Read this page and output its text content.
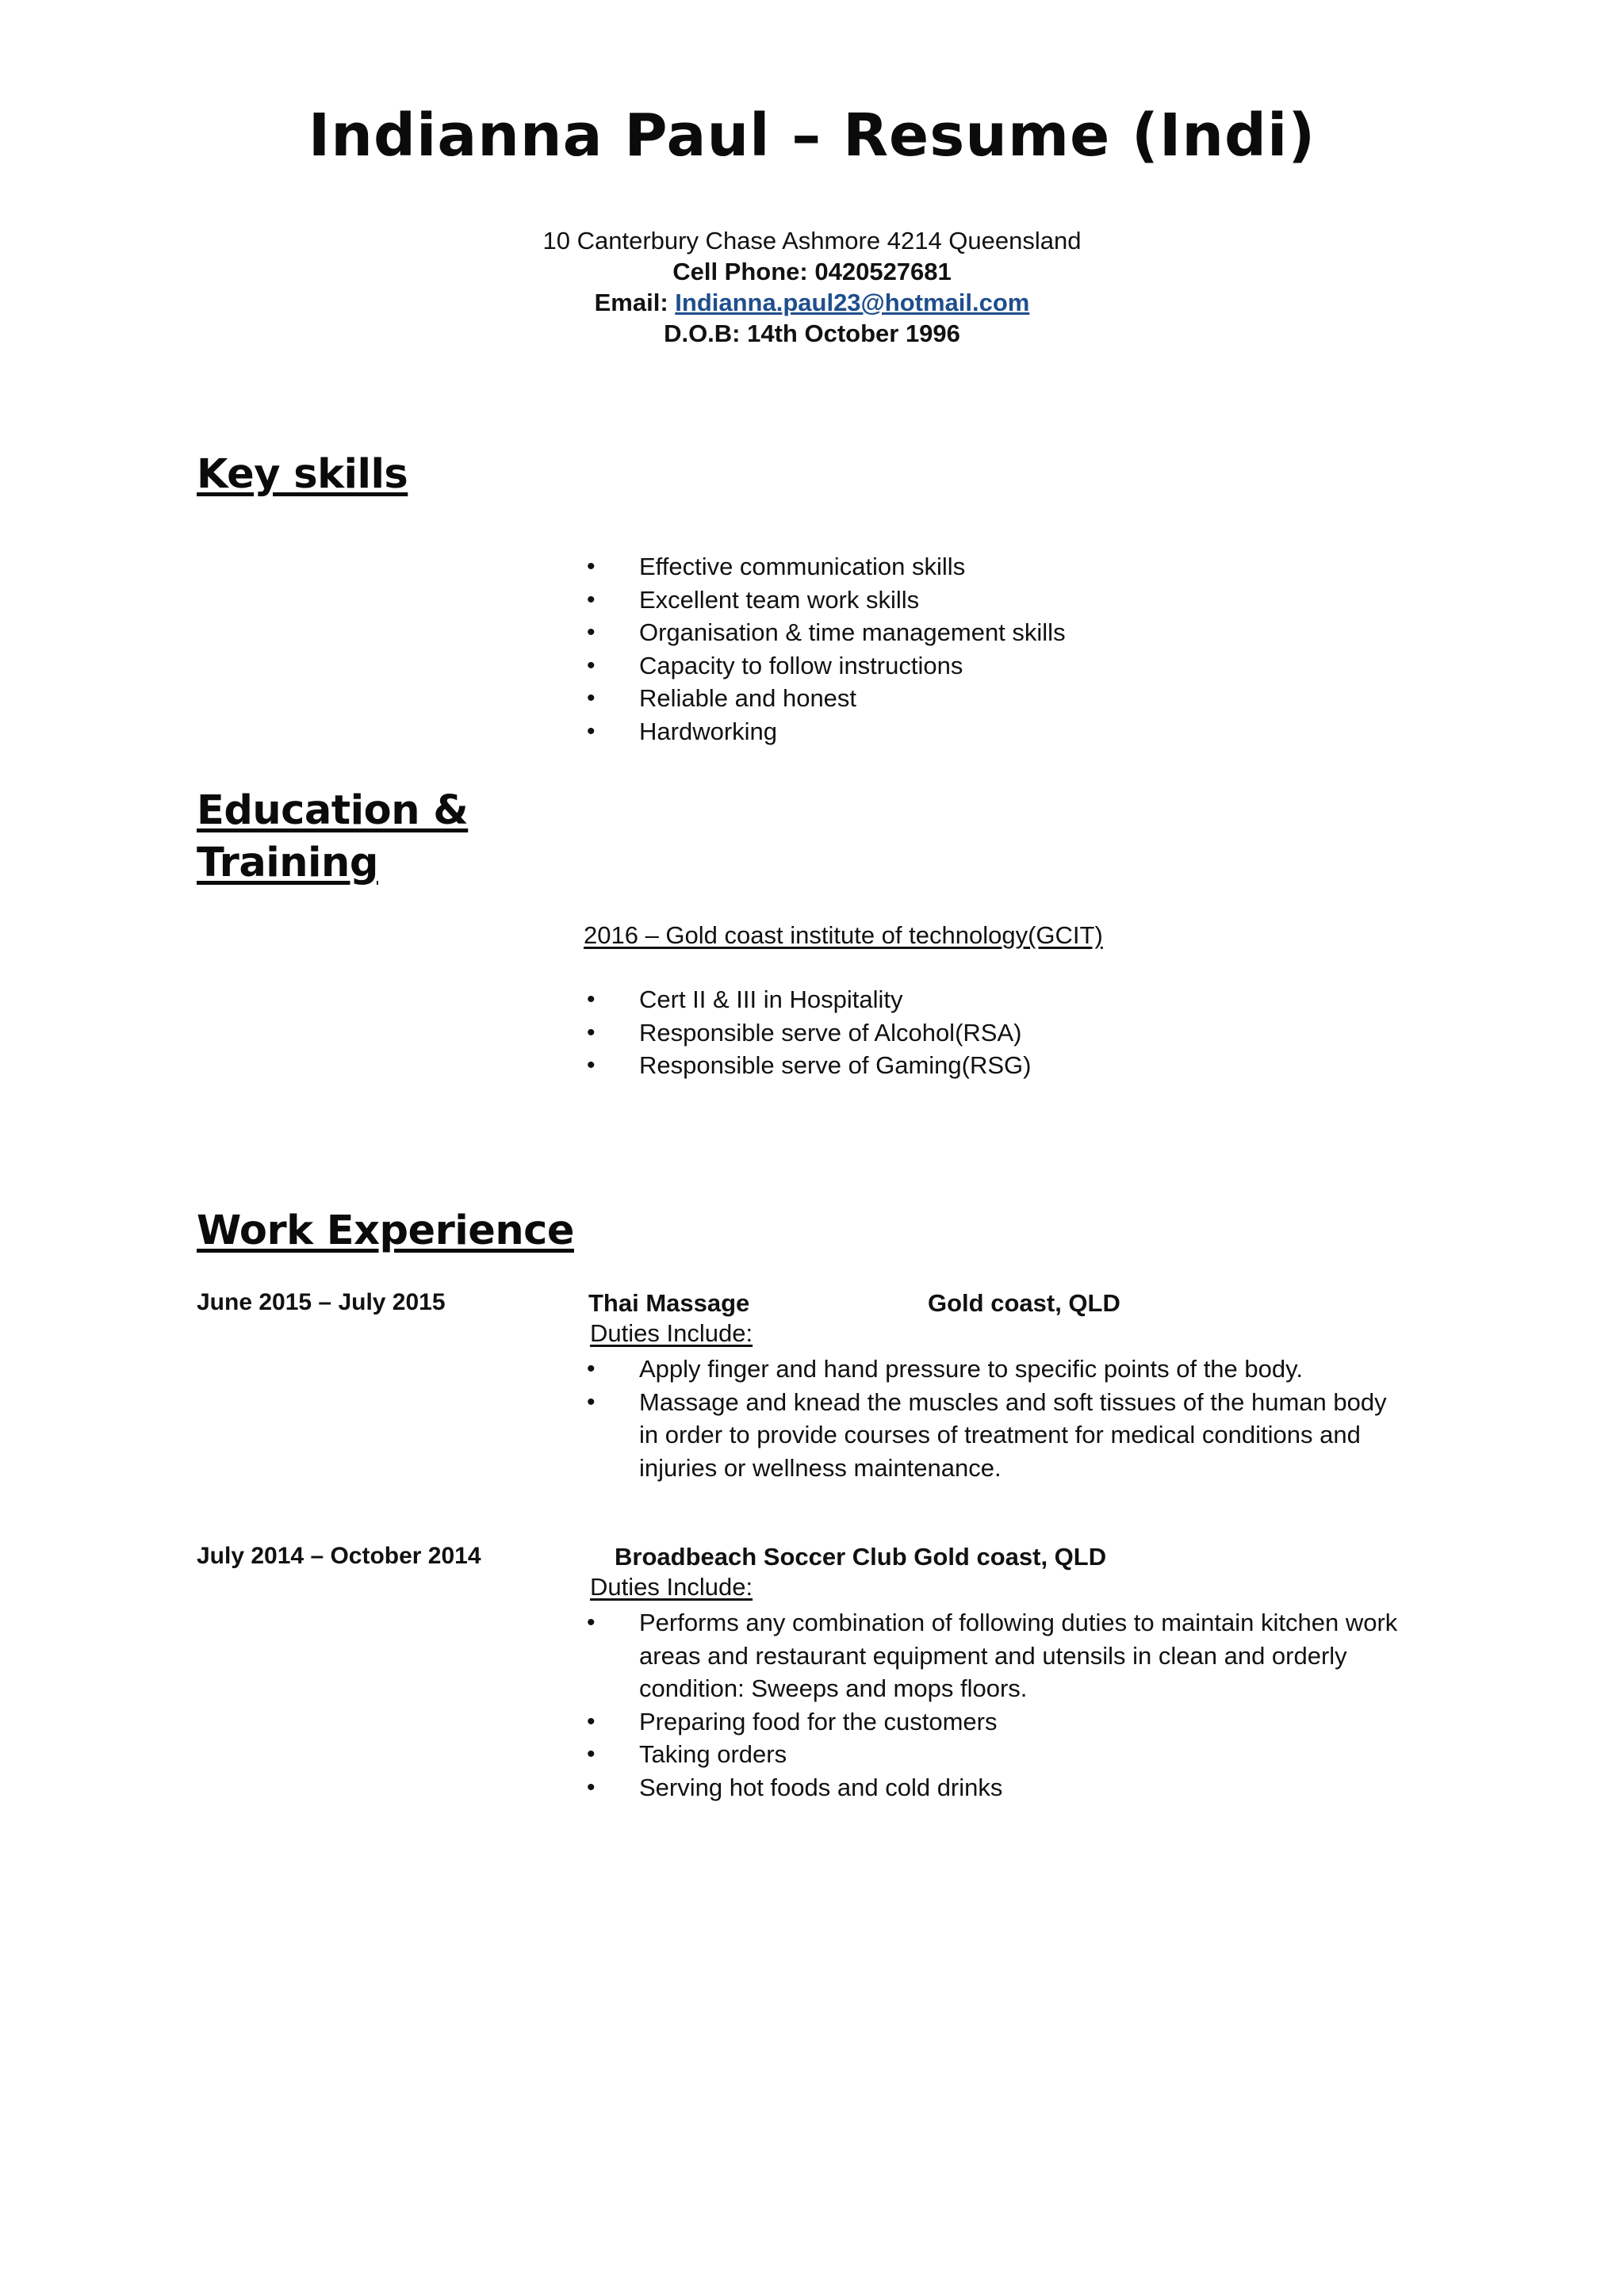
Indianna Paul – Resume (Indi)
10 Canterbury Chase Ashmore 4214 Queensland
Cell Phone: 0420527681
Email: Indianna.paul23@hotmail.com
D.O.B: 14th October 1996
Key skills
• Effective communication skills
• Excellent team work skills
• Organisation & time management skills
• Capacity to follow instructions
• Reliable and honest
• Hardworking
Education &
Training
2016 – Gold coast institute of technology(GCIT)
• Cert II & III in Hospitality
• Responsible serve of Alcohol(RSA)
• Responsible serve of Gaming(RSG)
Work Experience
June 2015 – July 2015	Thai Massage	Gold coast, QLD
Duties Include:
• Apply finger and hand pressure to specific points of the body.
• Massage and knead the muscles and soft tissues of the human body in order to provide courses of treatment for medical conditions and injuries or wellness maintenance.
July 2014 – October 2014	Broadbeach Soccer Club Gold coast, QLD
Duties Include:
• Performs any combination of following duties to maintain kitchen work areas and restaurant equipment and utensils in clean and orderly condition: Sweeps and mops floors.
• Preparing food for the customers
• Taking orders
• Serving hot foods and cold drinks
